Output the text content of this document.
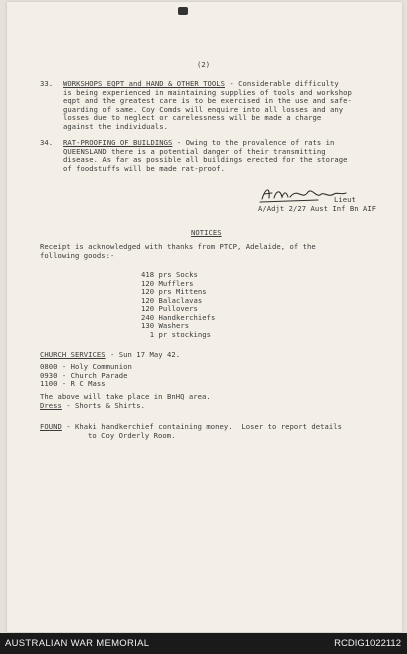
(2)
33. WORKSHOPS EQPT and HAND & OTHER TOOLS - Considerable difficulty
is being experienced in maintaining supplies of tools and workshop
eqpt and the greatest care is to be exercised in the use and safe-
guarding of same. Coy Comds will enquire into all losses and any
losses due to neglect or carelessness will be made a charge
against the individuals.
34. RAT-PROOFING OF BUILDINGS - Owing to the provalence of rats in
QUEENSLAND there is a potential danger of their transmitting
disease. As far as possible all buildings erected for the storage
of foodstuffs will be made rat-proof.
Lieut
A/Adjt 2/27 Aust Inf Bn AIF
NOTICES
Receipt is acknowledged with thanks from PTCP, Adelaide, of the
following goods:-
418 prs Socks
120 Mufflers
120 prs Mittens
120 Balaclavas
120 Pullovers
240 Handkerchiefs
130 Washers
1 pr stockings
CHURCH SERVICES - Sun 17 May 42.
0800 - Holy Communion
0930 - Church Parade
1100 - R C Mass
The above will take place in BnHQ area.
Dress - Shorts & Shirts.
FOUND - Khaki handkerchief containing money.  Loser to report details
to Coy Orderly Room.
AUSTRALIAN WAR MEMORIAL	RCDIG1022112
